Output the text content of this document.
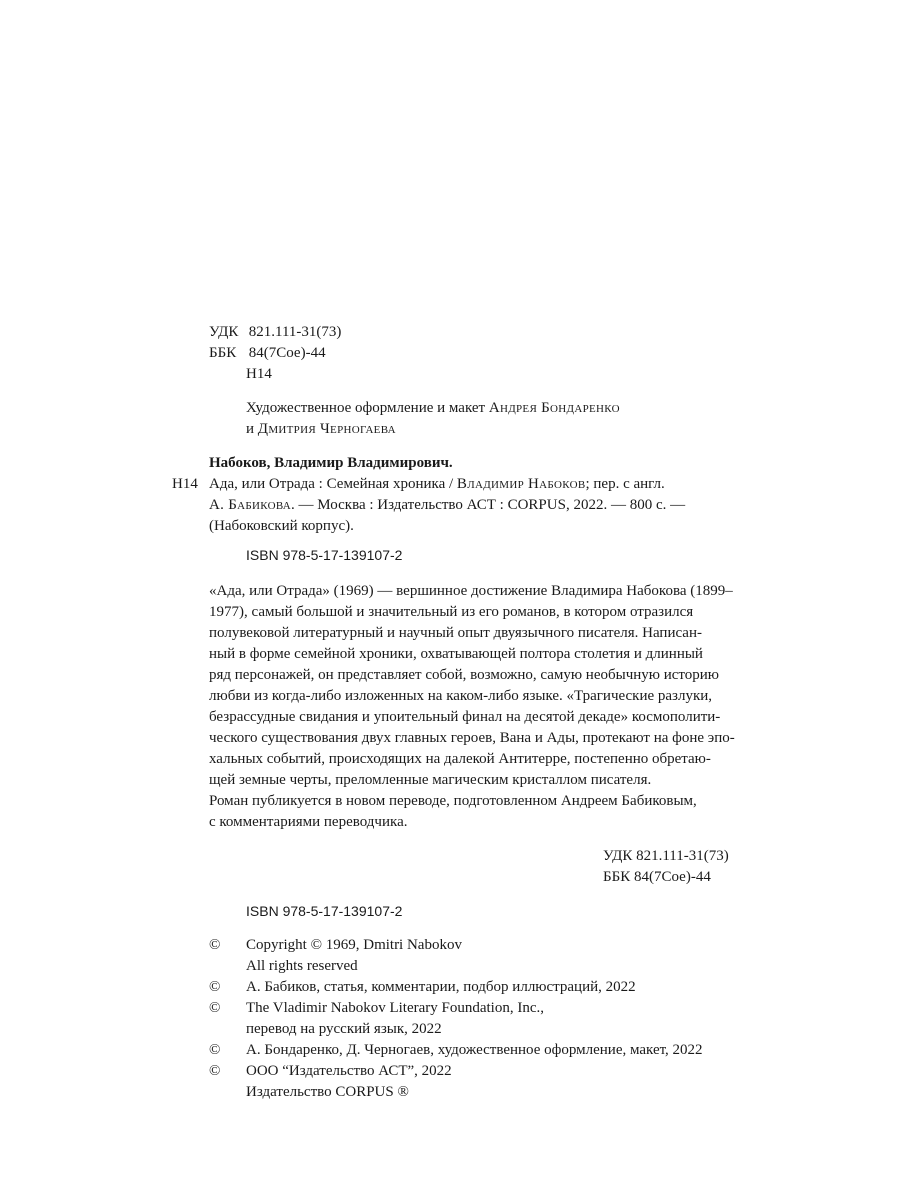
УДК 821.111-31(73)
ББК 84(7Сое)-44
Н14
Художественное оформление и макет Андрея Бондаренко
и Дмитрия Черногаева
Набоков, Владимир Владимирович.
Н14 Ада, или Отрада : Семейная хроника / Владимир Набоков; пер. с англ.
А. Бабикова. — Москва : Издательство АСТ : CORPUS, 2022. — 800 с. —
(Набоковский корпус).
ISBN 978-5-17-139107-2
«Ада, или Отрада» (1969) — вершинное достижение Владимира Набокова (1899–
1977), самый большой и значительный из его романов, в котором отразился
полувековой литературный и научный опыт двуязычного писателя. Написан-
ный в форме семейной хроники, охватывающей полтора столетия и длинный
ряд персонажей, он представляет собой, возможно, самую необычную историю
любви из когда-либо изложенных на каком-либо языке. «Трагические разлуки,
безрассудные свидания и упоительный финал на десятой декаде» космополити-
ческого существования двух главных героев, Вана и Ады, протекают на фоне эпо-
хальных событий, происходящих на далекой Антитерре, постепенно обретаю-
щей земные черты, преломленные магическим кристаллом писателя.
Роман публикуется в новом переводе, подготовленном Андреем Бабиковым,
с комментариями переводчика.
УДК 821.111-31(73)
ББК 84(7Сое)-44
ISBN 978-5-17-139107-2
© Copyright © 1969, Dmitri Nabokov
All rights reserved
© А. Бабиков, статья, комментарии, подбор иллюстраций, 2022
© The Vladimir Nabokov Literary Foundation, Inc.,
перевод на русский язык, 2022
© А. Бондаренко, Д. Черногаев, художественное оформление, макет, 2022
© ООО “Издательство АСТ”, 2022
Издательство CORPUS ®
